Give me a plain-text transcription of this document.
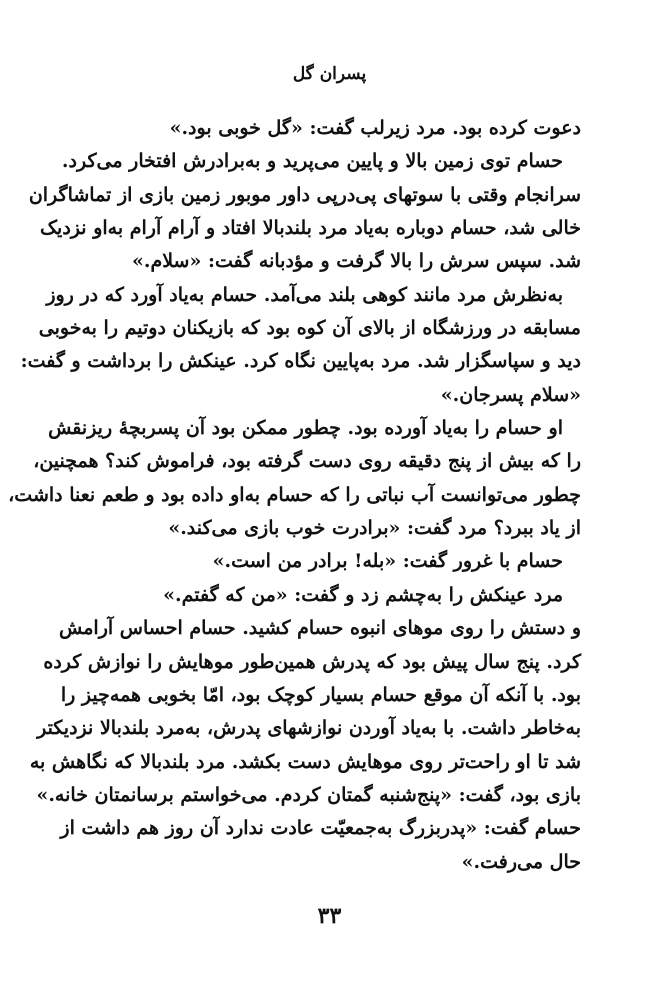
پسران گل
دعوت کرده بود. مرد زیرلب گفت: «گل خوبی بود.»
حسام توی زمین بالا و پایین می‌پرید و به‌برادرش افتخار می‌کرد.
سرانجام وقتی با سوتهای پی‌درپی داور موبور زمین بازی از تماشاگران
خالی شد، حسام دوباره به‌یاد مرد بلندبالا افتاد و آرام آرام به‌او نزدیک
شد. سپس سرش را بالا گرفت و مؤدبانه گفت: «سلام.»
به‌نظرش مرد مانند کوهی بلند می‌آمد. حسام به‌یاد آورد که در روز
مسابقه در ورزشگاه از بالای آن کوه بود که بازیکنان دوتیم را به‌خوبی
دید و سپاسگزار شد. مرد به‌پایین نگاه کرد. عینکش را برداشت و گفت:
«سلام پسرجان.»
او حسام را به‌یاد آورده بود. چطور ممکن بود آن پسربچهٔ ریزنقش
را که بیش از پنج دقیقه روی دست گرفته بود، فراموش کند؟ همچنین،
چطور می‌توانست آب نباتی را که حسام به‌او داده بود و طعم نعنا داشت،
از یاد ببرد؟ مرد گفت: «برادرت خوب بازی می‌کند.»
حسام با غرور گفت: «بله! برادر من است.»
مرد عینکش را به‌چشم زد و گفت: «من که گفتم.»
و دستش را روی موهای انبوه حسام کشید. حسام احساس آرامش
کرد. پنج سال پیش بود که پدرش همین‌طور موهایش را نوازش کرده
بود. با آنکه آن موقع حسام بسیار کوچک بود، امّا بخوبی همه‌چیز را
به‌خاطر داشت. با به‌یاد آوردن نوازشهای پدرش، به‌مرد بلندبالا نزدیکتر
شد تا او راحت‌تر روی موهایش دست بکشد. مرد بلندبالا که نگاهش به
بازی بود، گفت: «پنج‌شنبه گمتان کردم. می‌خواستم برسانمتان خانه.»
حسام گفت: «پدربزرگ به‌جمعیّت عادت ندارد آن روز هم داشت از
حال می‌رفت.»
۳۳
